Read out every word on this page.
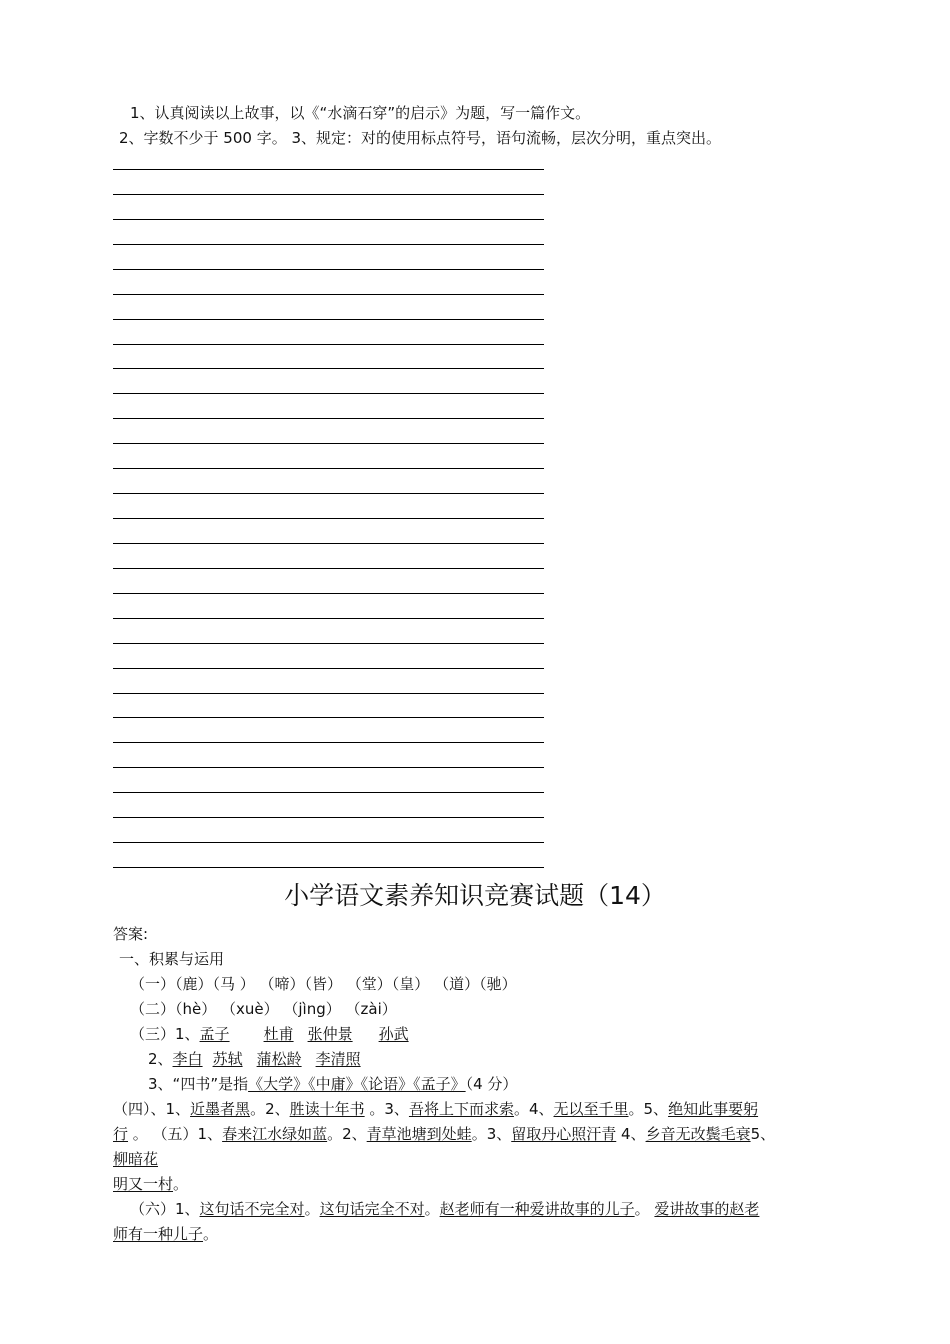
1、认真阅读以上故事，以《“水滴石穿”的启示》为题，写一篇作文。
2、字数不少于 500 字。 3、规定：对的使用标点符号，语句流畅，层次分明，重点突出。
小学语文素养知识竞赛试题（14）
答案:
一、积累与运用
（一）（鹿）（马 ） （啼）（皆） （堂）（皇） （道）（驰）
（二）（hè） （xuè） （jìng） （zài）
（三）1、孟子 杜甫 张仲景 孙武
2、李白 苏轼 蒲松龄 李清照
3、“四书”是指《大学》《中庸》《论语》《孟子》（4 分）
（四）、1、近墨者黑。2、胜读十年书 。3、吾将上下而求索。4、无以至千里。5、绝知此事要躬
行 。 （五）1、春来江水绿如蓝。2、青草池塘到处蛙。3、留取丹心照汗青 4、乡音无改鬓毛衰5、
柳暗花
明又一村。
（六）1、这句话不完全对。这句话完全不对。赵老师有一种爱讲故事的儿子。 爱讲故事的赵老
师有一种儿子。
